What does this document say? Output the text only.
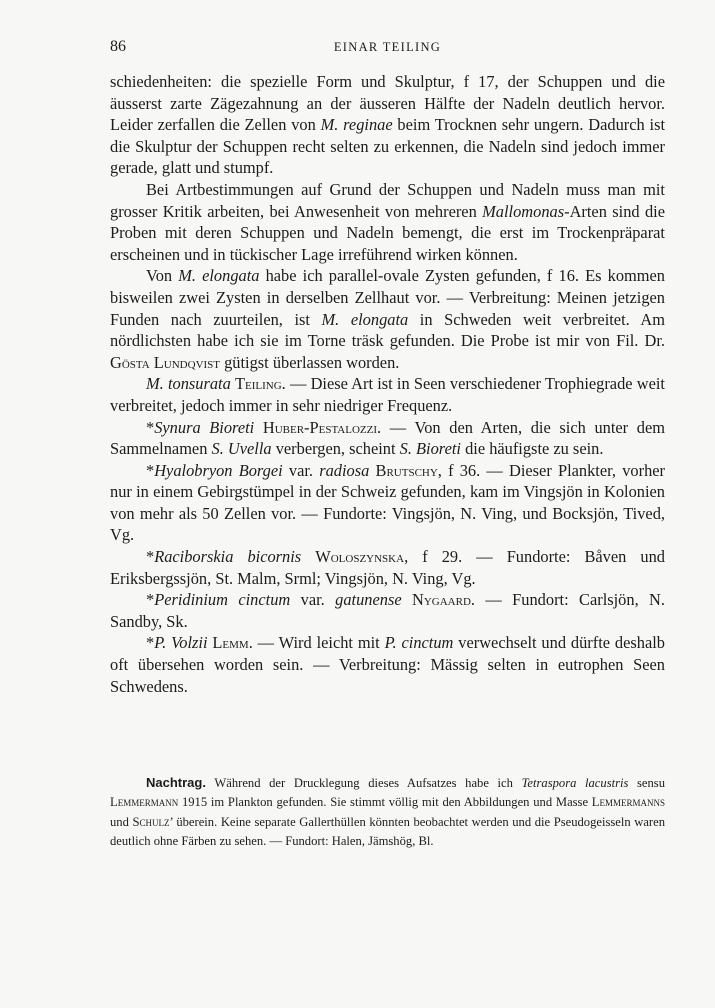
86	EINAR TEILING

schiedenheiten: die spezielle Form und Skulptur, f 17, der Schuppen und die äusserst zarte Zägezahnung an der äusseren Hälfte der Nadeln deutlich hervor. Leider zerfallen die Zellen von M. reginae beim Trocknen sehr ungern. Dadurch ist die Skulptur der Schuppen recht selten zu erkennen, die Nadeln sind jedoch immer gerade, glatt und stumpf.

Bei Artbestimmungen auf Grund der Schuppen und Nadeln muss man mit grosser Kritik arbeiten, bei Anwesenheit von mehreren Mallomonas-Arten sind die Proben mit deren Schuppen und Nadeln bemengt, die erst im Trockenpräparat erscheinen und in tückischer Lage irreführend wirken können.

Von M. elongata habe ich parallel-ovale Zysten gefunden, f 16. Es kommen bisweilen zwei Zysten in derselben Zellhaut vor. — Verbreitung: Meinen jetzigen Funden nach zuurteilen, ist M. elongata in Schweden weit verbreitet. Am nördlichsten habe ich sie im Torne träsk gefunden. Die Probe ist mir von Fil. Dr. Gösta Lundqvist gütigst überlassen worden.

M. tonsurata Teiling. — Diese Art ist in Seen verschiedener Trophiegrade weit verbreitet, jedoch immer in sehr niedriger Frequenz.

*Synura Bioreti Huber-Pestalozzi. — Von den Arten, die sich unter dem Sammelnamen S. Uvella verbergen, scheint S. Bioreti die häufigste zu sein.

*Hyalobryon Borgei var. radiosa Brutschy, f 36. — Dieser Plankter, vorher nur in einem Gebirgstümpel in der Schweiz gefunden, kam im Vingsjön in Kolonien von mehr als 50 Zellen vor. — Fundorte: Vingsjön, N. Ving, und Bocksjön, Tived, Vg.

*Raciborskia bicornis Woloszynska, f 29. — Fundorte: Båven und Eriksbergssjön, St. Malm, Srml; Vingsjön, N. Ving, Vg.

*Peridinium cinctum var. gatunense Nygaard. — Fundort: Carlsjön, N. Sandby, Sk.

*P. Volzii Lemm. — Wird leicht mit P. cinctum verwechselt und dürfte deshalb oft übersehen worden sein. — Verbreitung: Mässig selten in eutrophen Seen Schwedens.

Nachtrag. Während der Drucklegung dieses Aufsatzes habe ich Tetraspora lacustris sensu Lemmermann 1915 im Plankton gefunden. Sie stimmt völlig mit den Abbildungen und Masse Lemmermanns und Schulz’ überein. Keine separate Gallerthüllen könnten beobachtet werden und die Pseudogeisseln waren deutlich ohne Färben zu sehen. — Fundort: Halen, Jämshög, Bl.
